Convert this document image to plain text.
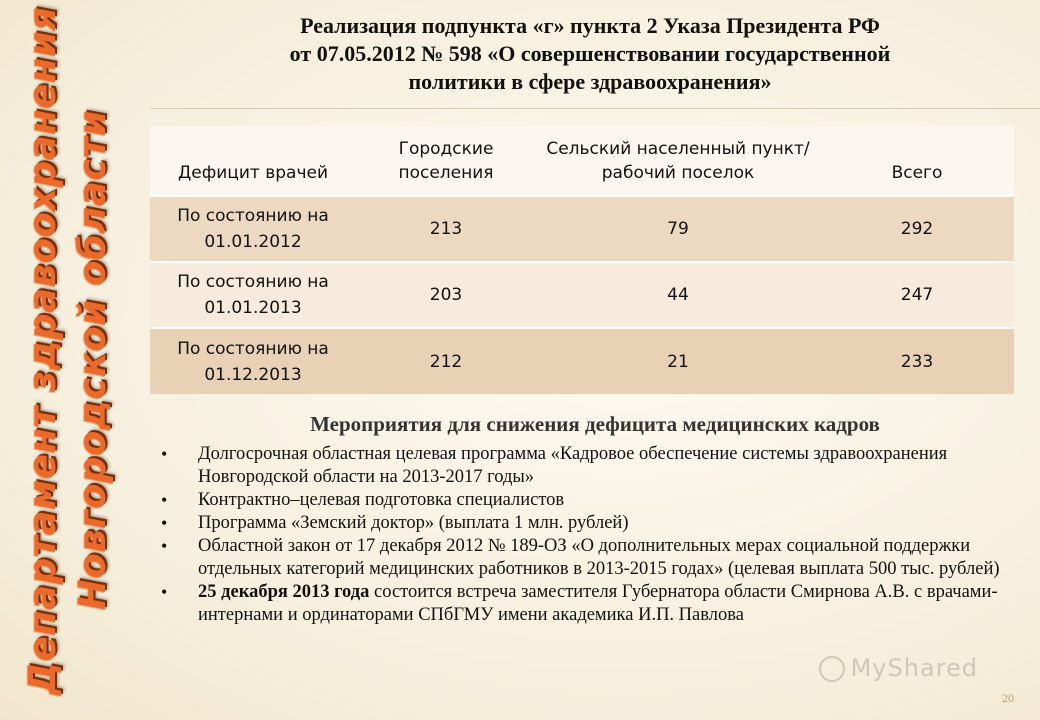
Департамент здравоохранения Новгородской области
Реализация подпункта «г» пункта 2 Указа Президента РФ
от 07.05.2012 № 598 «О совершенствовании государственной
политики в сфере здравоохранения»
Дефицит врачей	Городские поселения	Сельский населенный пункт/ рабочий поселок	Всего
По состоянию на 01.01.2012	213	79	292
По состоянию на 01.01.2013	203	44	247
По состоянию на 01.12.2013	212	21	233
Мероприятия для снижения дефицита медицинских кадров
• Долгосрочная областная целевая программа «Кадровое обеспечение системы здравоохранения Новгородской области на 2013-2017 годы»
• Контрактно–целевая подготовка специалистов
• Программа «Земский доктор» (выплата 1 млн. рублей)
• Областной закон от 17 декабря 2012 № 189-ОЗ «О дополнительных мерах социальной поддержки отдельных категорий медицинских работников в 2013-2015 годах» (целевая выплата 500 тыс. рублей)
• 25 декабря 2013 года состоится встреча заместителя Губернатора области Смирнова А.В. с врачами-интернами и ординаторами СПбГМУ имени академика И.П. Павлова
MyShared
20
